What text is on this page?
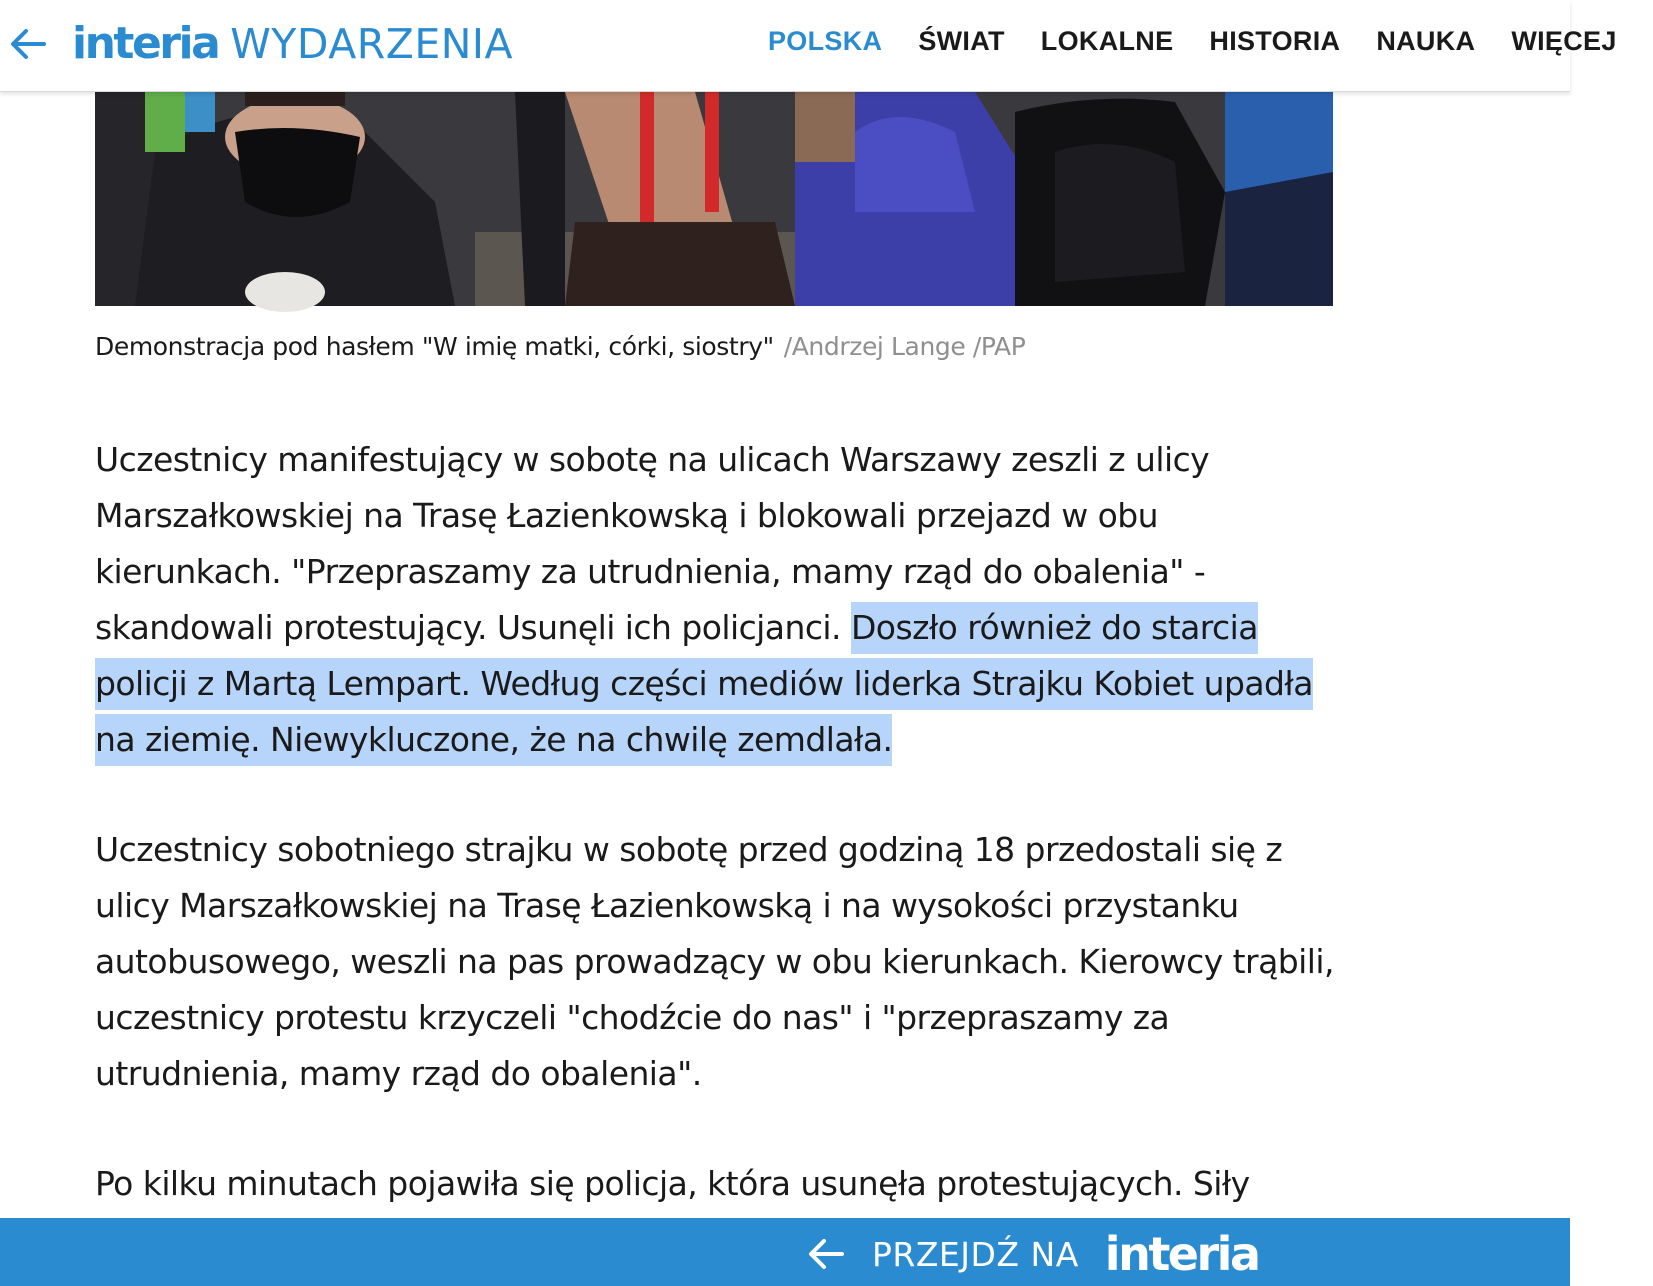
interia WYDARZENIA	POLSKA ŚWIAT LOKALNE HISTORIA NAUKA WIĘCEJ
Demonstracja pod hasłem "W imię matki, córki, siostry" /Andrzej Lange /PAP

Uczestnicy manifestujący w sobotę na ulicach Warszawy zeszli z ulicy Marszałkowskiej na Trasę Łazienkowską i blokowali przejazd w obu kierunkach. "Przepraszamy za utrudnienia, mamy rząd do obalenia" - skandowali protestujący. Usunęli ich policjanci. Doszło również do starcia policji z Martą Lempart. Według części mediów liderka Strajku Kobiet upadła na ziemię. Niewykluczone, że na chwilę zemdlała.

Uczestnicy sobotniego strajku w sobotę przed godziną 18 przedostali się z ulicy Marszałkowskiej na Trasę Łazienkowską i na wysokości przystanku autobusowego, weszli na pas prowadzący w obu kierunkach. Kierowcy trąbili, uczestnicy protestu krzyczeli "chodźcie do nas" i "przepraszamy za utrudnienia, mamy rząd do obalenia".

Po kilku minutach pojawiła się policja, która usunęła protestujących. Siły

PRZEJDŹ NA interia
